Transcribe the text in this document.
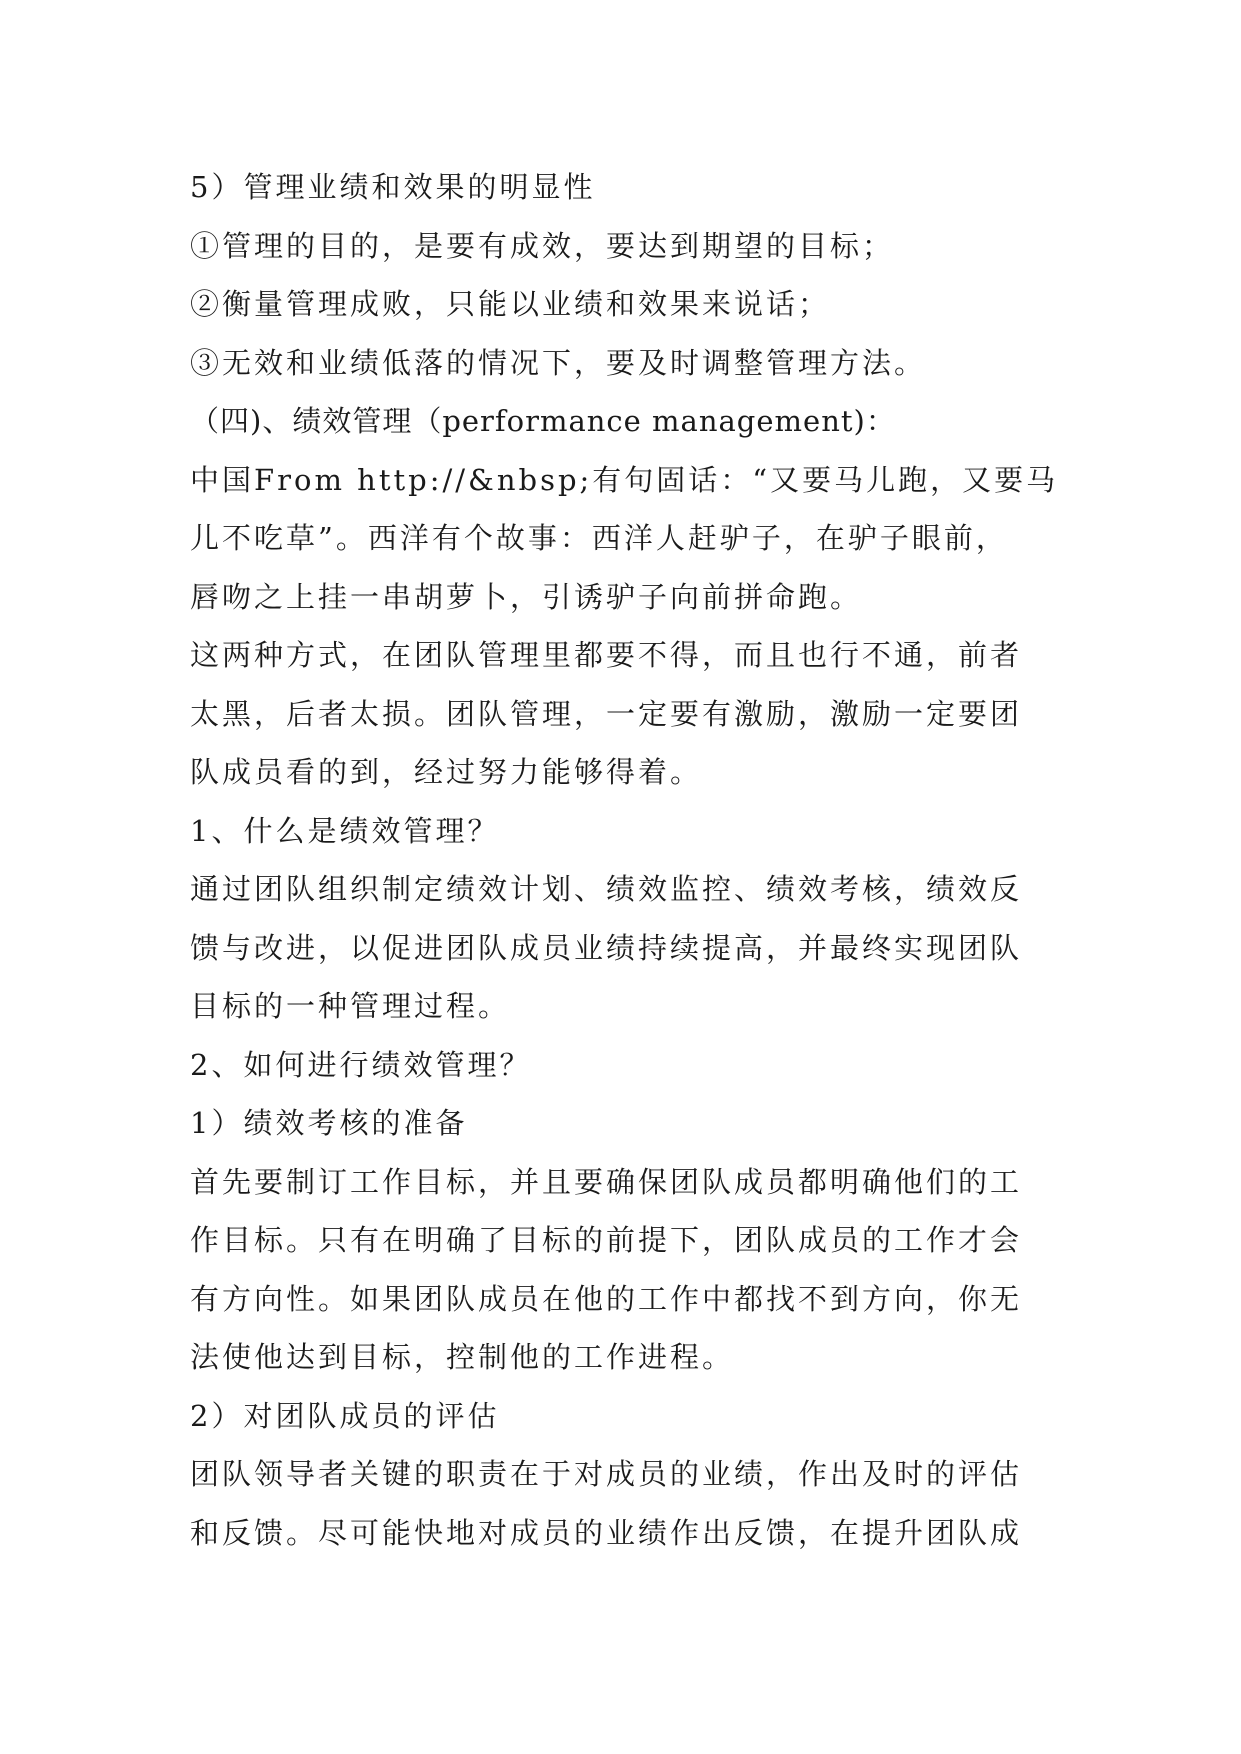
5）管理业绩和效果的明显性
①管理的目的，是要有成效，要达到期望的目标；
②衡量管理成败，只能以业绩和效果来说话；
③无效和业绩低落的情况下，要及时调整管理方法。
（四)、绩效管理（performance management)：
中国From http://&nbsp;有句固话：“又要马儿跑，又要马
儿不吃草”。西洋有个故事：西洋人赶驴子，在驴子眼前，
唇吻之上挂一串胡萝卜，引诱驴子向前拼命跑。
这两种方式，在团队管理里都要不得，而且也行不通，前者
太黑，后者太损。团队管理，一定要有激励，激励一定要团
队成员看的到，经过努力能够得着。
1、什么是绩效管理？
通过团队组织制定绩效计划、绩效监控、绩效考核，绩效反
馈与改进，以促进团队成员业绩持续提高，并最终实现团队
目标的一种管理过程。
2、如何进行绩效管理？
1）绩效考核的准备
首先要制订工作目标，并且要确保团队成员都明确他们的工
作目标。只有在明确了目标的前提下，团队成员的工作才会
有方向性。如果团队成员在他的工作中都找不到方向，你无
法使他达到目标，控制他的工作进程。
2）对团队成员的评估
团队领导者关键的职责在于对成员的业绩，作出及时的评估
和反馈。尽可能快地对成员的业绩作出反馈，在提升团队成
